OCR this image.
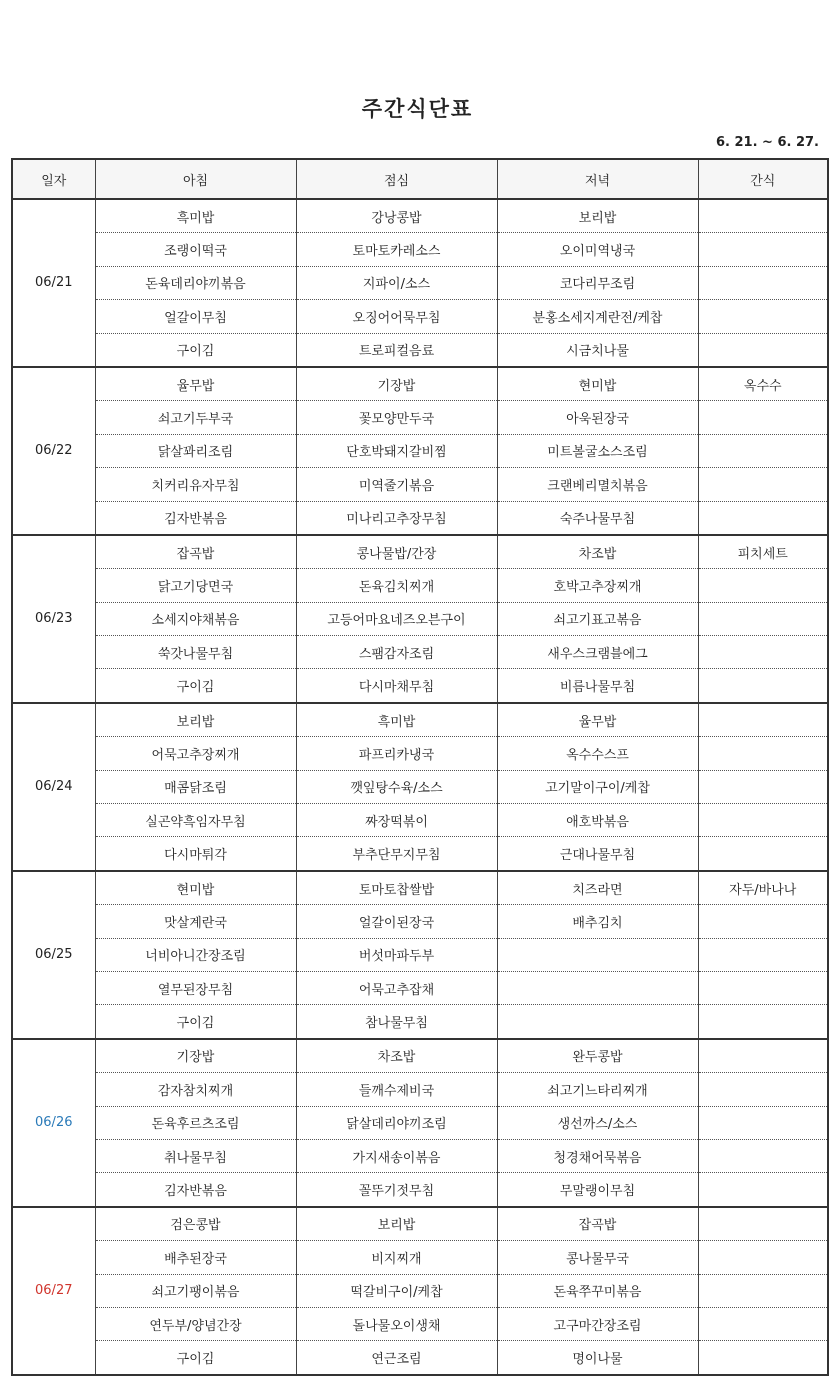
주간식단표
6. 21. ~ 6. 27.
일자	아침	점심	저녁	간식
06/21	흑미밥	강낭콩밥	보리밥	
	조랭이떡국	토마토카레소스	오이미역냉국	
	돈육데리야끼볶음	지파이/소스	코다리무조림	
	얼갈이무침	오징어어묵무침	분홍소세지계란전/케찹	
	구이김	트로피컬음료	시금치나물	
06/22	율무밥	기장밥	현미밥	옥수수
	쇠고기두부국	꽃모양만두국	아욱된장국	
	닭살꽈리조림	단호박돼지갈비찜	미트볼굴소스조림	
	치커리유자무침	미역줄기볶음	크랜베리멸치볶음	
	김자반볶음	미나리고추장무침	숙주나물무침	
06/23	잡곡밥	콩나물밥/간장	차조밥	피치세트
	닭고기당면국	돈육김치찌개	호박고추장찌개	
	소세지야채볶음	고등어마요네즈오븐구이	쇠고기표고볶음	
	쑥갓나물무침	스팸감자조림	새우스크램블에그	
	구이김	다시마채무침	비름나물무침	
06/24	보리밥	흑미밥	율무밥	
	어묵고추장찌개	파프리카냉국	옥수수스프	
	매콤닭조림	깻잎탕수육/소스	고기말이구이/케찹	
	실곤약흑임자무침	짜장떡볶이	애호박볶음	
	다시마튀각	부추단무지무침	근대나물무침	
06/25	현미밥	토마토찹쌀밥	치즈라면	자두/바나나
	맛살계란국	얼갈이된장국	배추김치	
	너비아니간장조림	버섯마파두부		
	열무된장무침	어묵고추잡채		
	구이김	참나물무침		
06/26	기장밥	차조밥	완두콩밥	
	감자참치찌개	들깨수제비국	쇠고기느타리찌개	
	돈육후르츠조림	닭살데리야끼조림	생선까스/소스	
	취나물무침	가지새송이볶음	청경채어묵볶음	
	김자반볶음	꼴뚜기젓무침	무말랭이무침	
06/27	검은콩밥	보리밥	잡곡밥	
	배추된장국	비지찌개	콩나물무국	
	쇠고기팽이볶음	떡갈비구이/케찹	돈육쭈꾸미볶음	
	연두부/양념간장	돌나물오이생채	고구마간장조림	
	구이김	연근조림	명이나물	
